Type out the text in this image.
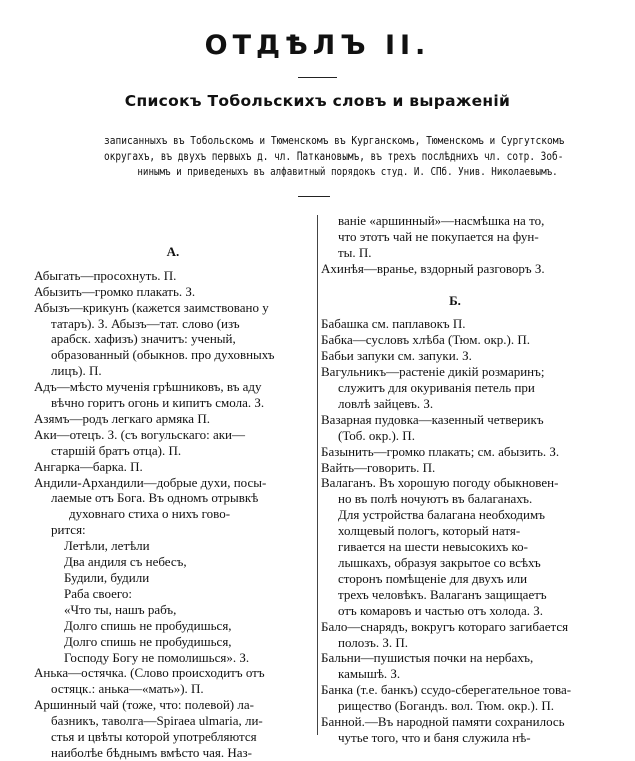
ОТДѢЛЪ II.
Списокъ Тобольскихъ словъ и выраженій
записанныхъ въ Тобольскомъ и Тюменскомъ въ Курганскомъ, Тюменскомъ и Сургутскомъ
округахъ, въ двухъ первыхъ д. чл. Паткановымъ, въ трехъ послѣднихъ чл. сотр. Зоб-
нинымъ и приведеныхъ въ алфавитный порядокъ студ. И. СПб. Унив. Николаевымъ.
А.
Абыгать—просохнуть. П.
Абызить—громко плакать. З.
Абызъ—крикунъ (кажется заимствовано у
татаръ). З. Абызъ—тат. слово (изъ
арабск. хафизъ) значитъ: ученый,
образованный (обыкнов. про духовныхъ
лицъ). П.
Адъ—мѣсто мученія грѣшниковъ, въ аду
вѣчно горитъ огонь и кипитъ смола. З.
Азямъ—родъ легкаго армяка П.
Аки—отецъ. З. (съ вогульскаго: аки—
старшій братъ отца). П.
Ангарка—барка. П.
Андили-Архандили—добрые духи, посы-
лаемые отъ Бога. Въ одномъ отрывкѣ
духовнаго стиха о нихъ гово-
рится:
Летѣли, летѣли
Два андиля съ небесъ,
Будили, будили
Раба своего:
«Что ты, нашъ рабъ,
Долго спишь не пробудишься,
Долго спишь не пробудишься,
Господу Богу не помолишься». З.
Анька—остячка. (Слово происходитъ отъ
остяцк.: анька—«мать»). П.
Аршинный чай (тоже, что: полевой) ла-
базникъ, таволга—Spiraea ulmaria, ли-
стья и цвѣты которой употребляются
наиболѣе бѣднымъ вмѣсто чая. Наз-
ваніе «аршинный»—насмѣшка на то,
что этотъ чай не покупается на фун-
ты. П.
Ахинѣя—вранье, вздорный разговоръ З.
Б.
Бабашка см. паплавокъ П.
Бабка—сусловъ хлѣба (Тюм. окр.). П.
Бабьи запуки см. запуки. З.
Вагульникъ—растеніе дикій розмаринъ;
служитъ для окуриванія петель при
ловлѣ зайцевъ. З.
Вазарная пудовка—казенный четверикъ
(Тоб. окр.). П.
Базынить—громко плакать; см. абызить. З.
Вайть—говорить. П.
Валаганъ. Въ хорошую погоду обыкновен-
но въ полѣ ночуютъ въ балаганахъ.
Для устройства балагана необходимъ
холщевый пологъ, который натя-
гивается на шести невысокихъ ко-
лышкахъ, образуя закрытое со всѣхъ
сторонъ помѣщеніе для двухъ или
трехъ человѣкъ. Валаганъ защищаетъ
отъ комаровъ и частью отъ холода. З.
Бало—снарядъ, вокругъ котораго загибается
полозъ. З. П.
Бальни—пушистыя почки на нербахъ,
камышѣ. З.
Банка (т.е. банкъ) ссудо-сберегательное това-
рищество (Богандъ. вол. Тюм. окр.). П.
Банной.—Въ народной памяти сохранилось
чутье того, что и баня служила нѣ-
